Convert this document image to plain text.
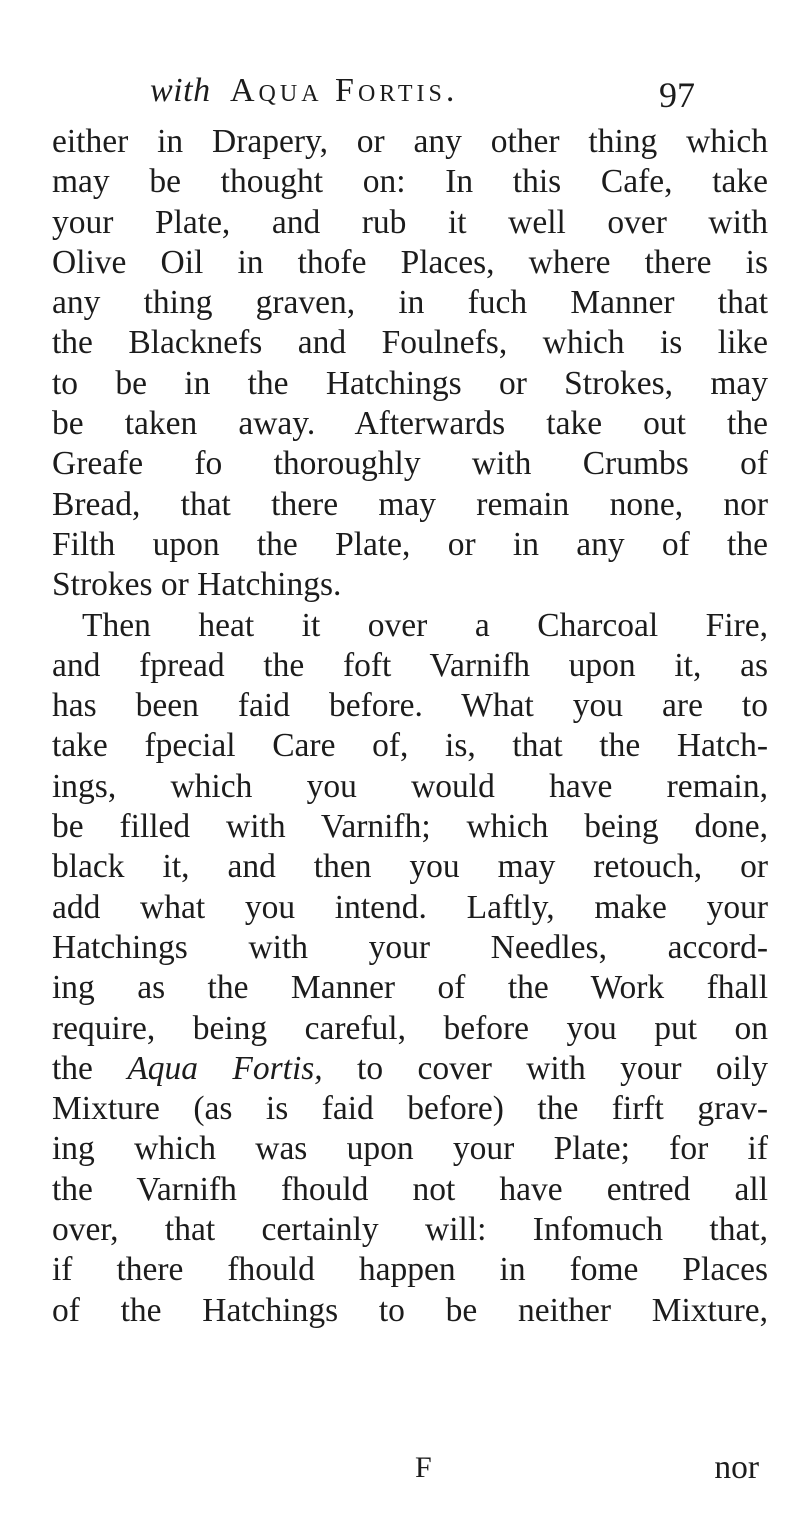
with Aqua Fortis.	97
either in Drapery, or any other thing which
may be thought on: In this Cafe, take
your Plate, and rub it well over with
Olive Oil in thofe Places, where there is
any thing graven, in fuch Manner that
the Blacknefs and Foulnefs, which is like
to be in the Hatchings or Strokes, may
be taken away. Afterwards take out the
Greafe fo thoroughly with Crumbs of
Bread, that there may remain none, nor
Filth upon the Plate, or in any of the
Strokes or Hatchings.
Then heat it over a Charcoal Fire,
and fpread the foft Varnifh upon it, as
has been faid before. What you are to
take fpecial Care of, is, that the Hatch-
ings, which you would have remain,
be filled with Varnifh; which being done,
black it, and then you may retouch, or
add what you intend. Laftly, make your
Hatchings with your Needles, accord-
ing as the Manner of the Work fhall
require, being careful, before you put on
the Aqua Fortis, to cover with your oily
Mixture (as is faid before) the firft grav-
ing which was upon your Plate; for if
the Varnifh fhould not have entred all
over, that certainly will: Infomuch that,
if there fhould happen in fome Places
of the Hatchings to be neither Mixture,
F	nor
